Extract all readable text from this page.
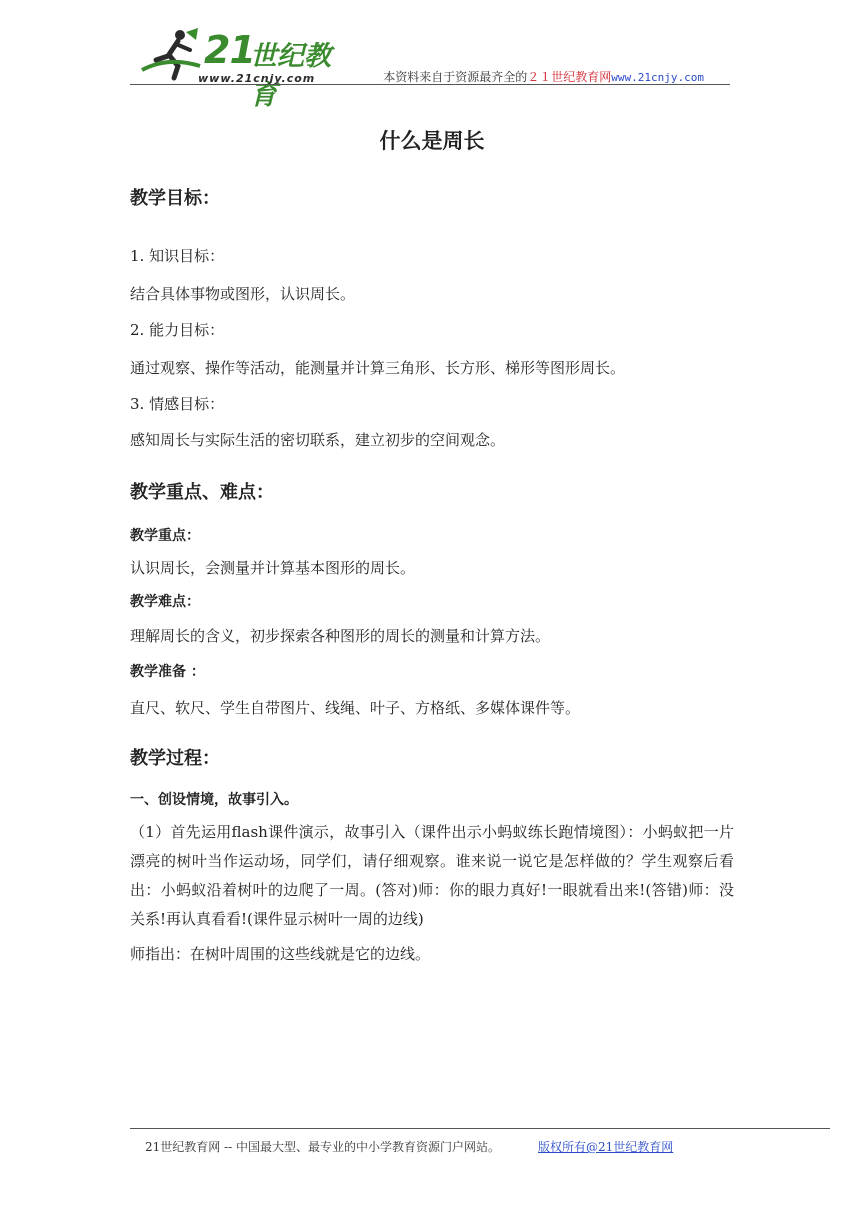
21
世纪教育
www.21cnjy.com	本资料来自于资源最齐全的２１世纪教育网www.21cnjy.com
什么是周长
教学目标：

1. 知识目标：

结合具体事物或图形，认识周长。

2. 能力目标：

通过观察、操作等活动，能测量并计算三角形、长方形、梯形等图形周长。

3. 情感目标：

感知周长与实际生活的密切联系，建立初步的空间观念。

教学重点、难点：

教学重点：

认识周长，会测量并计算基本图形的周长。

教学难点：

理解周长的含义，初步探索各种图形的周长的测量和计算方法。

教学准备 ：

直尺、软尺、学生自带图片、线绳、叶子、方格纸、多媒体课件等。

教学过程：

一、创设情境，故事引入。

（1）首先运用flash课件演示，故事引入（课件出示小蚂蚁练长跑情境图）：小蚂蚁把一片漂亮的树叶当作运动场，同学们，请仔细观察。谁来说一说它是怎样做的？学生观察后看出：小蚂蚁沿着树叶的边爬了一周。(答对)师：你的眼力真好!一眼就看出来!(答错)师：没关系!再认真看看!(课件显示树叶一周的边线)

师指出：在树叶周围的这些线就是它的边线。

21世纪教育网 -- 中国最大型、最专业的中小学教育资源门户网站。	版权所有@21世纪教育网
